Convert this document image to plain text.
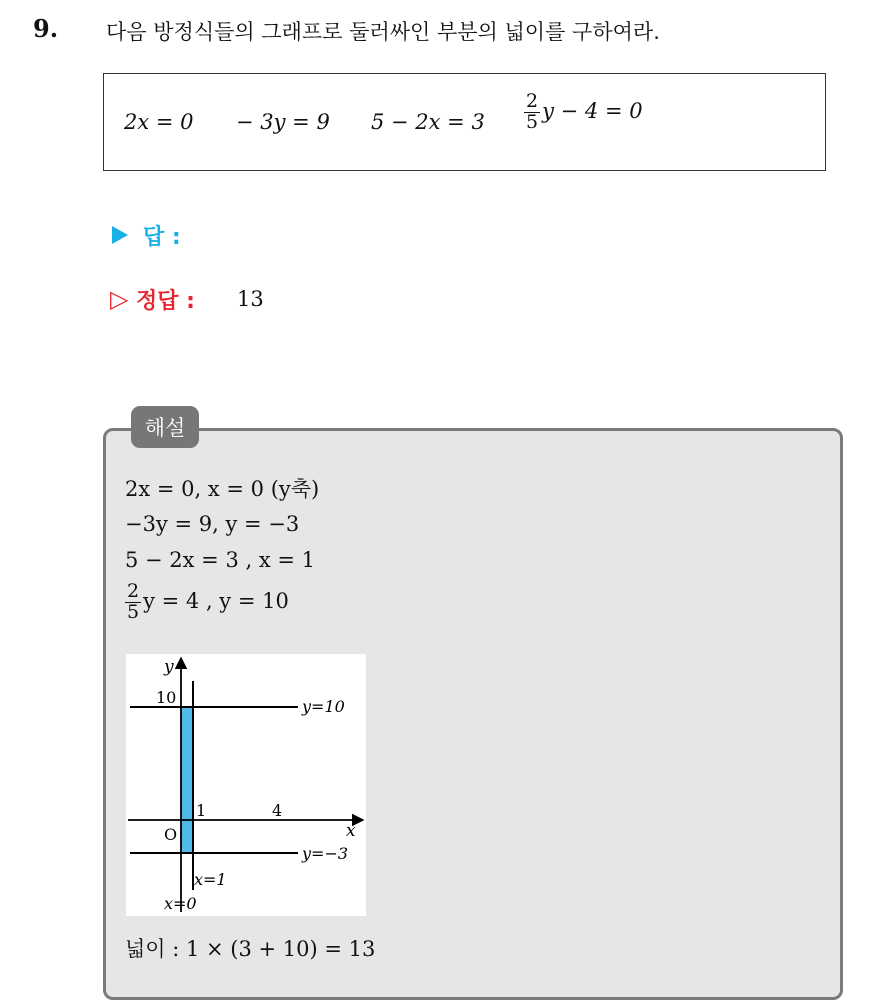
9. 다음 방정식들의 그래프로 둘러싸인 부분의 넓이를 구하여라.
2x = 0 − 3y = 9 $5 - 2x = 3 \frac{2}{5}$ y − 4 = 0
답 :
▷ 정답 : 13
해설
2x = 0, x = 0 (y축)
−3y = 9, y = −3
5 − 2x = 3 , x = 1
$\frac{2}{5}$ y = 4 , y = 10
y
10	y=10
1	4
O	x
y=−3
x=1
x=0
넓이 : 1 × (3 + 10) = 13
